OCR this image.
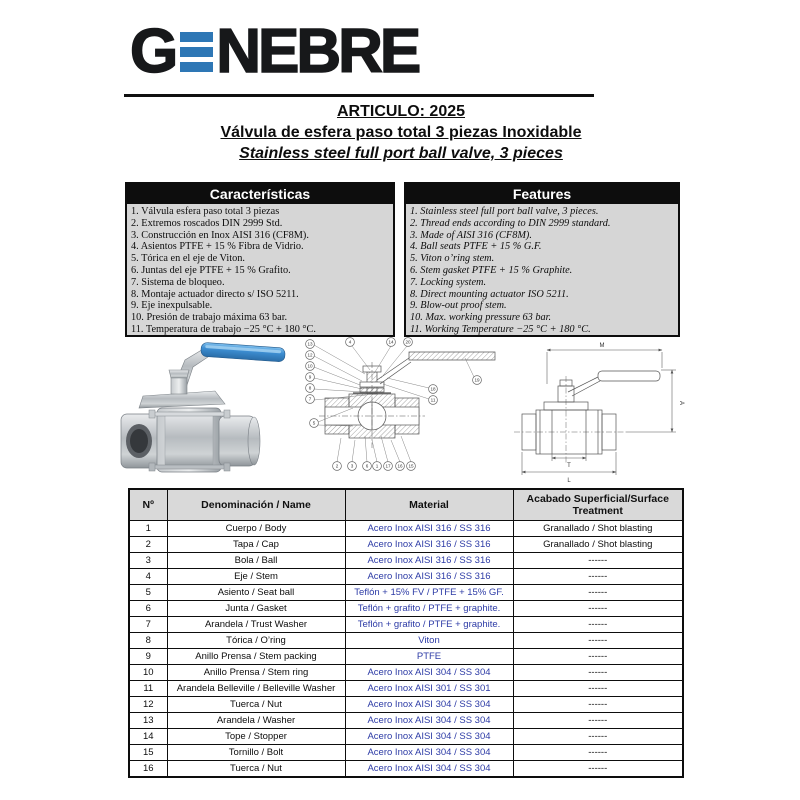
G NEBRE
ARTICULO: 2025
Válvula de esfera paso total 3 piezas Inoxidable
Stainless steel full port ball valve, 3 pieces
Características
1. Válvula esfera paso total 3 piezas
2. Extremos roscados DIN 2999 Std.
3. Construcción en Inox AISI 316 (CF8M).
4. Asientos PTFE + 15 % Fibra de Vidrio.
5. Tórica en el eje de Viton.
6. Juntas del eje PTFE + 15 % Grafito.
7. Sistema de bloqueo.
8. Montaje actuador directo s/ ISO 5211.
9. Eje inexpulsable.
10. Presión de trabajo máxima 63 bar.
11. Temperatura de trabajo −25 °C + 180 °C.
Features
1. Stainless steel full port ball valve, 3 pieces.
2. Thread ends according to DIN 2999 standard.
3. Made of AISI 316 (CF8M).
4. Ball seats PTFE + 15 % G.F.
5. Viton o’ring stem.
6. Stem gasket PTFE + 15 % Graphite.
7. Locking system.
8. Direct mounting actuator ISO 5211.
9. Blow-out proof stem.
10. Max. working pressure 63 bar.
11. Working Temperature −25 °C + 180 °C.
13
12
10
9
8
7
5
4	14	20
18
11
19
2	3	6 1 17 16 15
M
A
T
L
Nº	Denominación / Name	Material	Acabado Superficial/Surface Treatment
1	Cuerpo / Body	Acero Inox AISI 316 / SS 316	Granallado / Shot blasting
2	Tapa / Cap	Acero Inox AISI 316 / SS 316	Granallado / Shot blasting
3	Bola / Ball	Acero Inox AISI 316 / SS 316	------
4	Eje / Stem	Acero Inox AISI 316 / SS 316	------
5	Asiento / Seat ball	Teflón + 15% FV / PTFE + 15% GF.	------
6	Junta / Gasket	Teflón + grafito / PTFE + graphite.	------
7	Arandela / Trust Washer	Teflón + grafito / PTFE + graphite.	------
8	Tórica / O’ring	Viton	------
9	Anillo Prensa / Stem packing	PTFE	------
10	Anillo Prensa / Stem ring	Acero Inox AISI 304 / SS 304	------
11	Arandela Belleville / Belleville Washer	Acero Inox AISI 301 / SS 301	------
12	Tuerca / Nut	Acero Inox AISI 304 / SS 304	------
13	Arandela / Washer	Acero Inox AISI 304 / SS 304	------
14	Tope / Stopper	Acero Inox AISI 304 / SS 304	------
15	Tornillo / Bolt	Acero Inox AISI 304 / SS 304	------
16	Tuerca / Nut	Acero Inox AISI 304 / SS 304	------
